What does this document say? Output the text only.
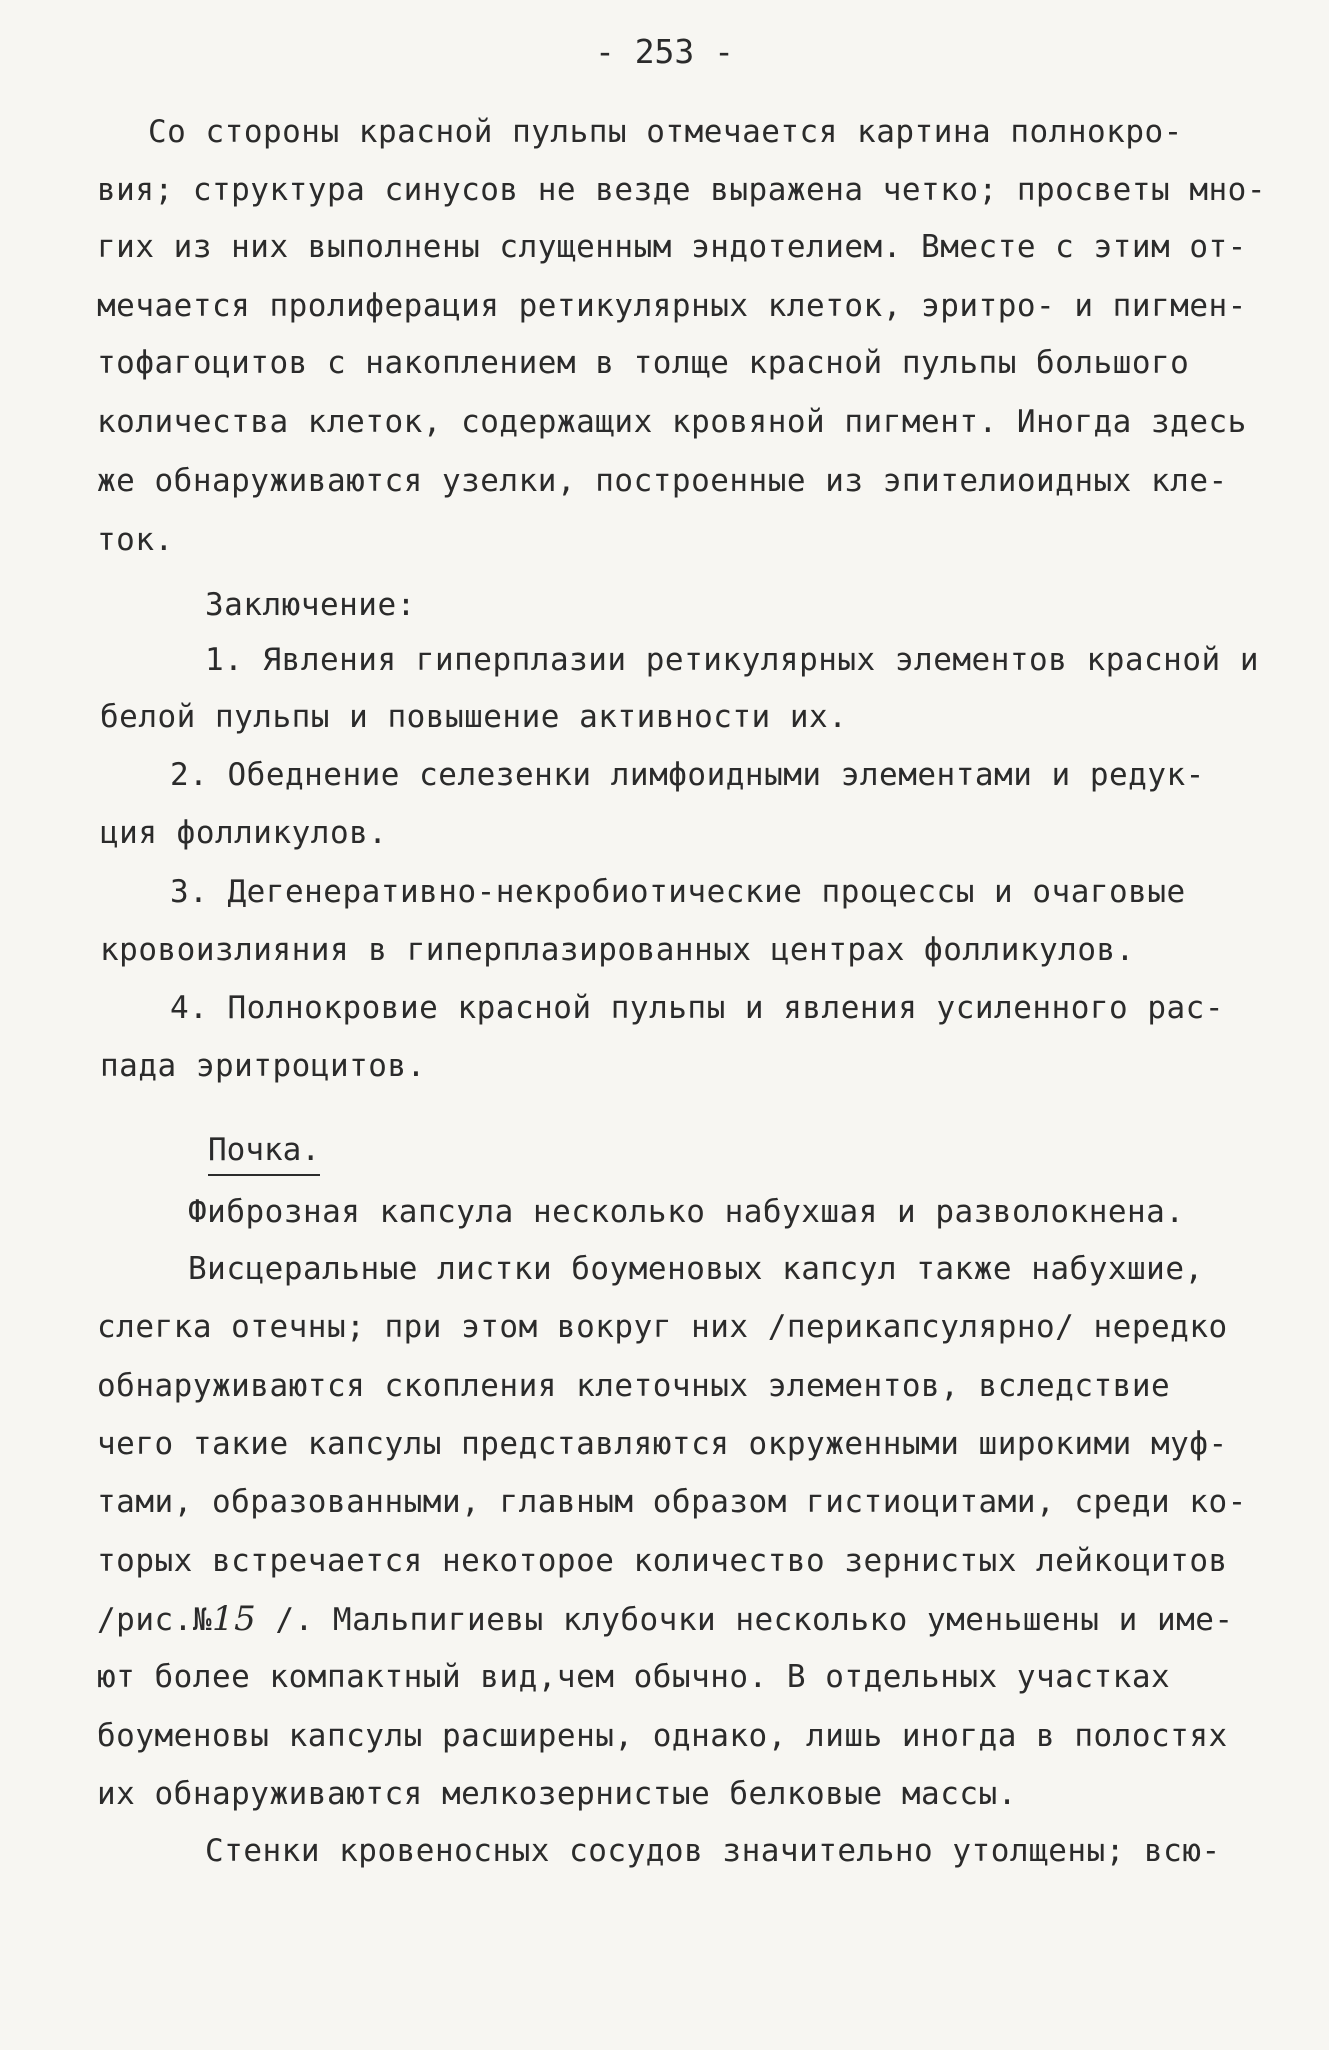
- 253 -
Со стороны красной пульпы отмечается картина полнокро-
вия; структура синусов не везде выражена четко; просветы мно-
гих из них выполнены слущенным эндотелием. Вместе с этим от-
мечается пролиферация ретикулярных клеток, эритро- и пигмен-
тофагоцитов с накоплением в толще красной пульпы большого
количества клеток, содержащих кровяной пигмент. Иногда здесь
же обнаруживаются узелки, построенные из эпителиоидных кле-
ток.
Заключение:
1. Явления гиперплазии ретикулярных элементов красной и
белой пульпы и повышение активности их.
2. Обеднение селезенки лимфоидными элементами и редук-
ция фолликулов.
3. Дегенеративно-некробиотические процессы и очаговые
кровоизлияния в гиперплазированных центрах фолликулов.
4. Полнокровие красной пульпы и явления усиленного рас-
пада эритроцитов.
Почка.
Фиброзная капсула несколько набухшая и разволокнена.
Висцеральные листки боуменовых капсул также набухшие,
слегка отечны; при этом вокруг них /перикапсулярно/ нередко
обнаруживаются скопления клеточных элементов, вследствие
чего такие капсулы представляются окруженными широкими муф-
тами, образованными, главным образом гистиоцитами, среди ко-
торых встречается некоторое количество зернистых лейкоцитов
/рис.№15 /. Мальпигиевы клубочки несколько уменьшены и име-
ют более компактный вид,чем обычно. В отдельных участках
боуменовы капсулы расширены, однако, лишь иногда в полостях
их обнаруживаются мелкозернистые белковые массы.
Стенки кровеносных сосудов значительно утолщены; всю-
